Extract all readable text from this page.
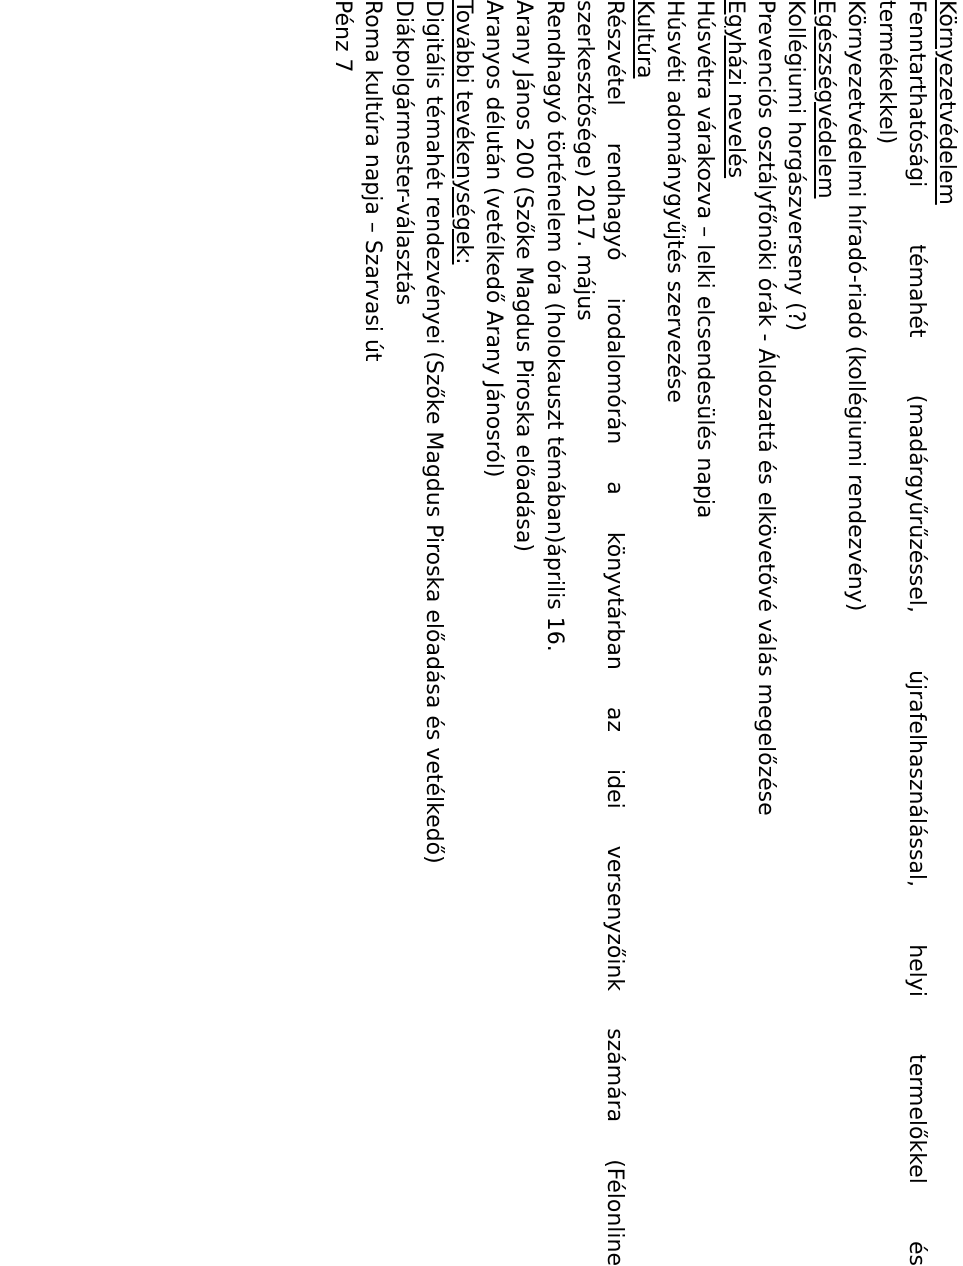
Környezetvédelem
Fenntarthatósági témahét (madárgyűrűzéssel, újrafelhasználással, helyi termelőkkel és
termékekkel)
Környezetvédelmi híradó-riadó (kollégiumi rendezvény)
Egészségvédelem
Kollégiumi horgászverseny (?)
Prevenciós osztályfőnöki órák - Áldozattá és elkövetővé válás megelőzése
Egyházi nevelés
Húsvétra várakozva – lelki elcsendesülés napja
Húsvéti adománygyűjtés szervezése
Kultúra
Részvétel rendhagyó irodalomórán a könyvtárban az idei versenyzőink számára (Félonline
szerkesztősége) 2017. május
Rendhagyó történelem óra (holokauszt témában)április 16.
Arany János 200 (Szőke Magdus Piroska előadása)
Aranyos délután (vetélkedő Arany Jánosról)
További tevékenységek:
Digitális témahét rendezvényei (Szőke Magdus Piroska előadása és vetélkedő)
Diákpolgármester-választás
Roma kultúra napja – Szarvasi út
Pénz 7
